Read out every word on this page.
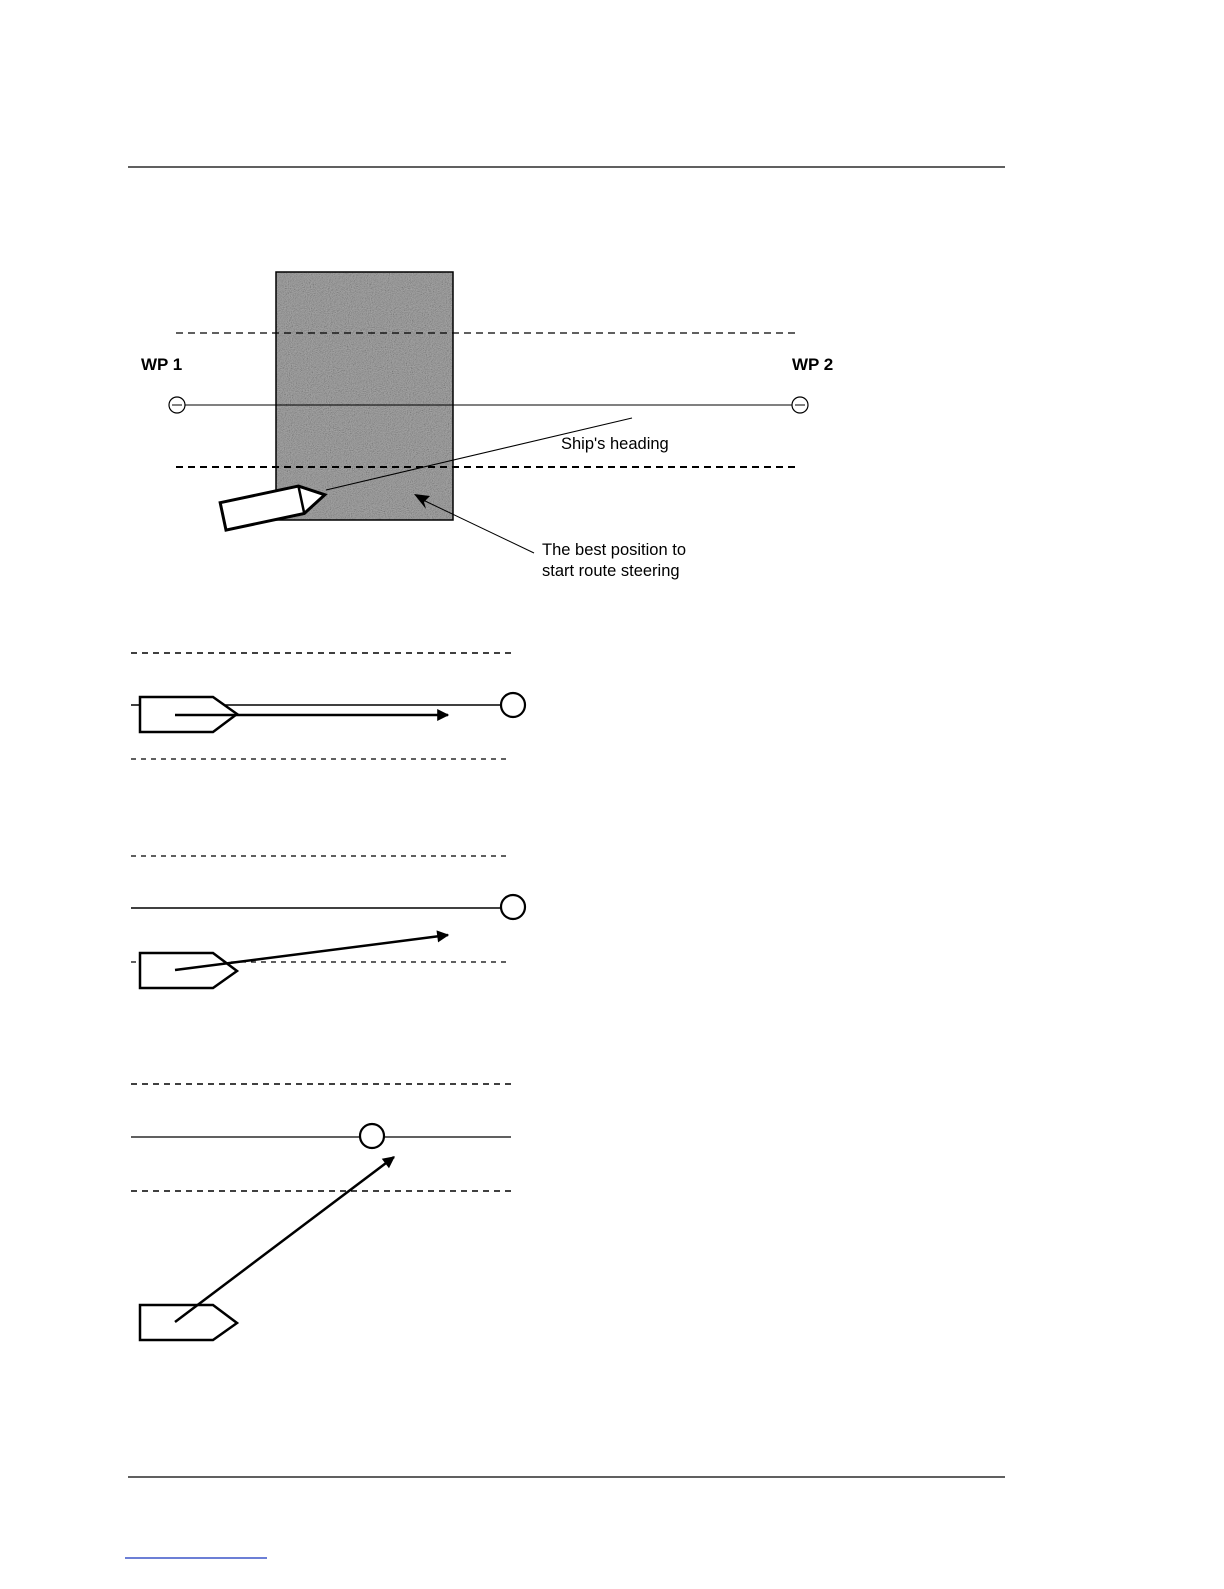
WP 1	WP 2
Ship's heading
The best position to
start route steering
